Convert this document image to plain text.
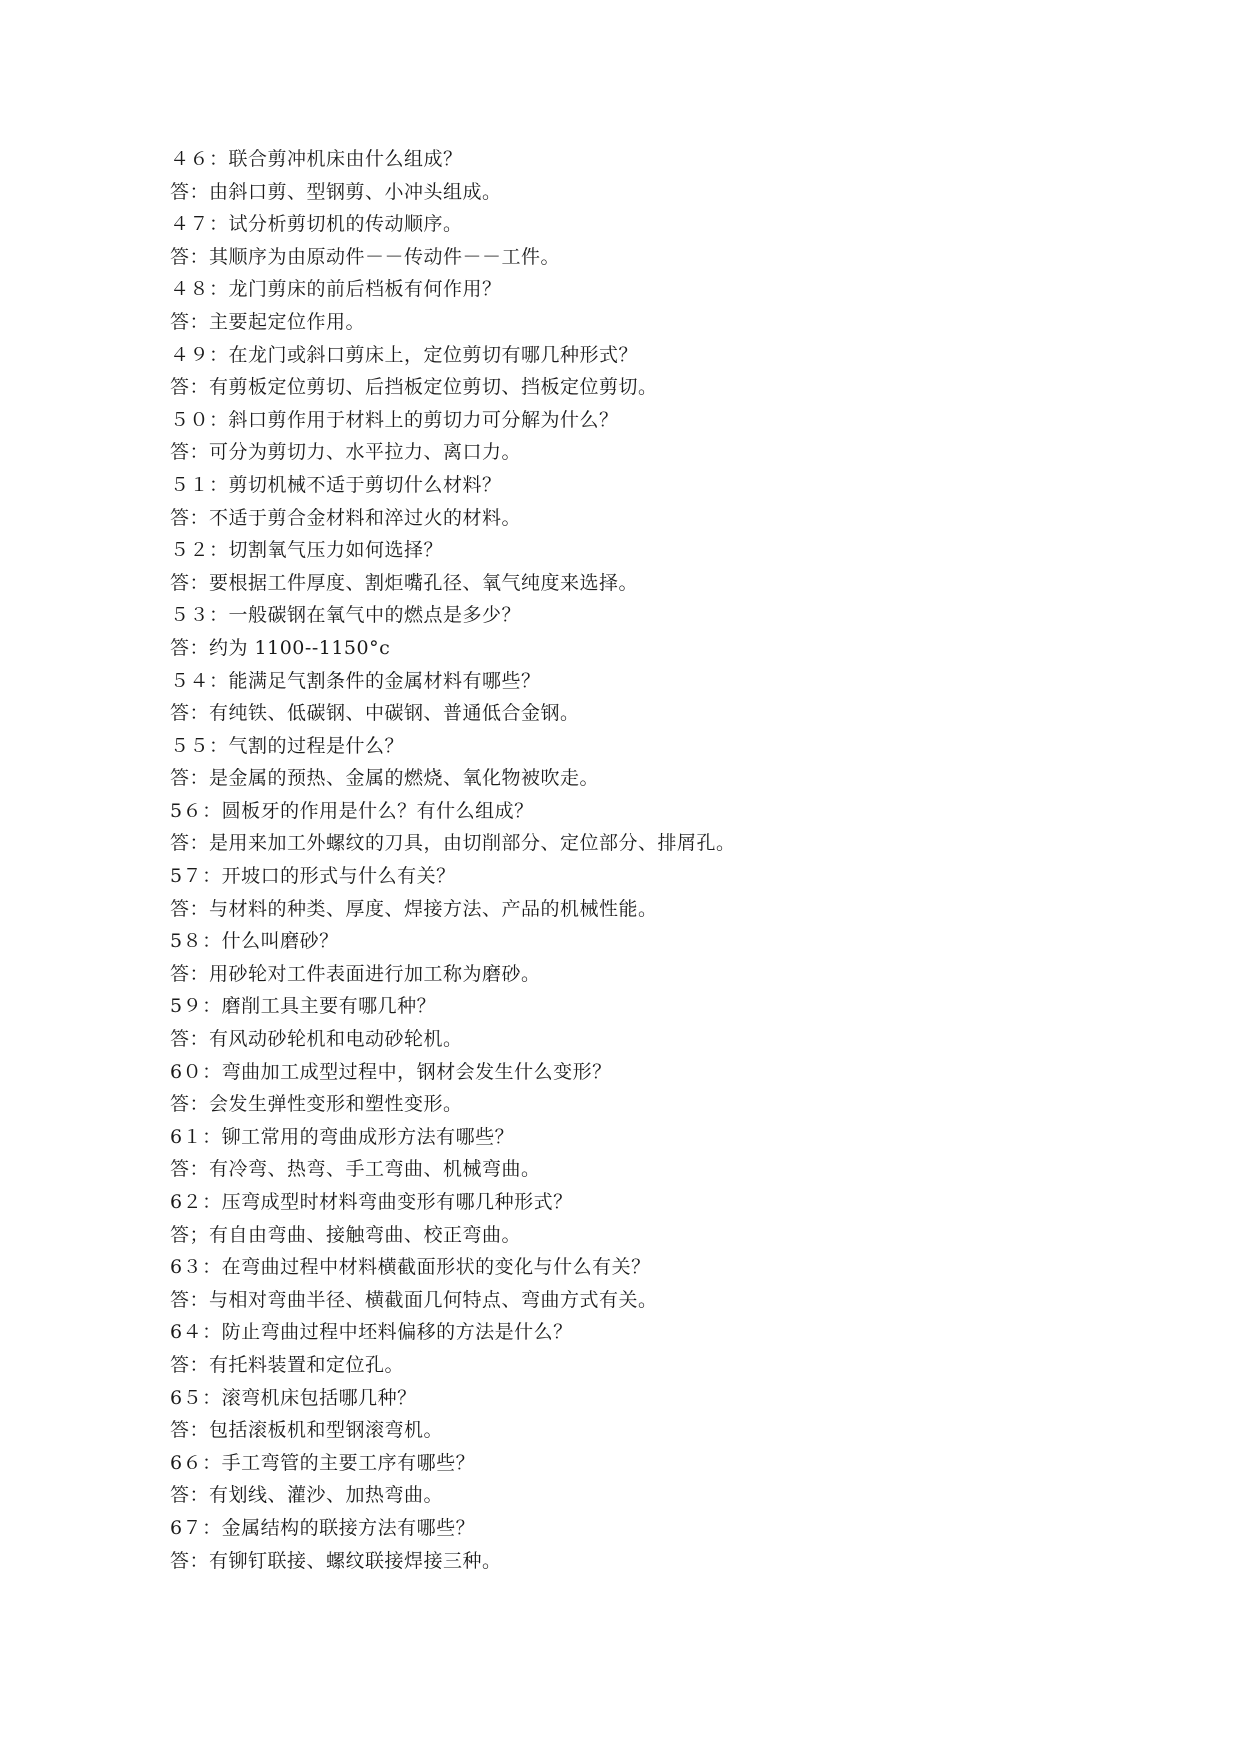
４６：联合剪冲机床由什么组成？
答：由斜口剪、型钢剪、小冲头组成。
４７：试分析剪切机的传动顺序。
答：其顺序为由原动件－－传动件－－工件。
４８：龙门剪床的前后档板有何作用？
答：主要起定位作用。
４９：在龙门或斜口剪床上，定位剪切有哪几种形式？
答：有剪板定位剪切、后挡板定位剪切、挡板定位剪切。
５０：斜口剪作用于材料上的剪切力可分解为什么？
答：可分为剪切力、水平拉力、离口力。
５１：剪切机械不适于剪切什么材料？
答：不适于剪合金材料和淬过火的材料。
５２：切割氧气压力如何选择？
答：要根据工件厚度、割炬嘴孔径、氧气纯度来选择。
５３：一般碳钢在氧气中的燃点是多少？
答：约为 1100--1150°c
５４：能满足气割条件的金属材料有哪些？
答：有纯铁、低碳钢、中碳钢、普通低合金钢。
５５：气割的过程是什么？
答：是金属的预热、金属的燃烧、氧化物被吹走。
5６：圆板牙的作用是什么？有什么组成？
答：是用来加工外螺纹的刀具，由切削部分、定位部分、排屑孔。
5７：开坡口的形式与什么有关？
答：与材料的种类、厚度、焊接方法、产品的机械性能。
5８：什么叫磨砂？
答：用砂轮对工件表面进行加工称为磨砂。
5９：磨削工具主要有哪几种？
答：有风动砂轮机和电动砂轮机。
6０：弯曲加工成型过程中，钢材会发生什么变形？
答：会发生弹性变形和塑性变形。
6１：铆工常用的弯曲成形方法有哪些？
答：有冷弯、热弯、手工弯曲、机械弯曲。
6２：压弯成型时材料弯曲变形有哪几种形式？
答；有自由弯曲、接触弯曲、校正弯曲。
6３：在弯曲过程中材料横截面形状的变化与什么有关？
答：与相对弯曲半径、横截面几何特点、弯曲方式有关。
6４：防止弯曲过程中坯料偏移的方法是什么？
答：有托料装置和定位孔。
6５：滚弯机床包括哪几种？
答：包括滚板机和型钢滚弯机。
6６：手工弯管的主要工序有哪些？
答：有划线、灌沙、加热弯曲。
6７：金属结构的联接方法有哪些？
答：有铆钉联接、螺纹联接焊接三种。
